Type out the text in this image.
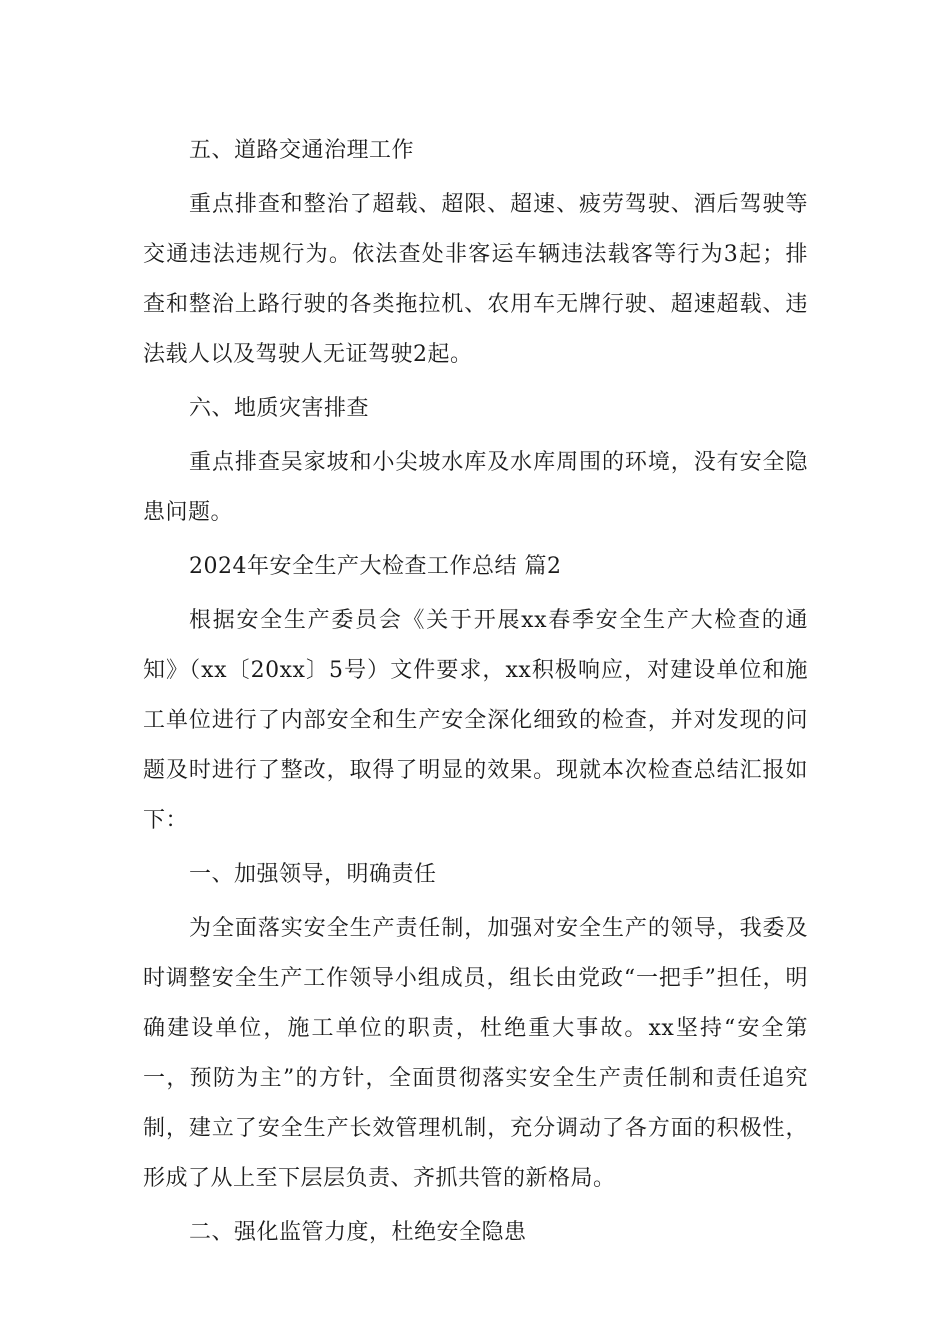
五、道路交通治理工作

重点排查和整治了超载、超限、超速、疲劳驾驶、酒后驾驶等交通违法违规行为。依法查处非客运车辆违法载客等行为3起；排查和整治上路行驶的各类拖拉机、农用车无牌行驶、超速超载、违法载人以及驾驶人无证驾驶2起。

六、地质灾害排查

重点排查吴家坡和小尖坡水库及水库周围的环境，没有安全隐患问题。

2024年安全生产大检查工作总结 篇2

根据安全生产委员会《关于开展xx春季安全生产大检查的通知》（xx〔20xx〕5号）文件要求，xx积极响应，对建设单位和施工单位进行了内部安全和生产安全深化细致的检查，并对发现的问题及时进行了整改，取得了明显的效果。现就本次检查总结汇报如下：

一、加强领导，明确责任

为全面落实安全生产责任制，加强对安全生产的领导，我委及时调整安全生产工作领导小组成员，组长由党政“一把手”担任，明确建设单位，施工单位的职责，杜绝重大事故。xx坚持“安全第一，预防为主”的方针，全面贯彻落实安全生产责任制和责任追究制，建立了安全生产长效管理机制，充分调动了各方面的积极性，形成了从上至下层层负责、齐抓共管的新格局。

二、强化监管力度，杜绝安全隐患
